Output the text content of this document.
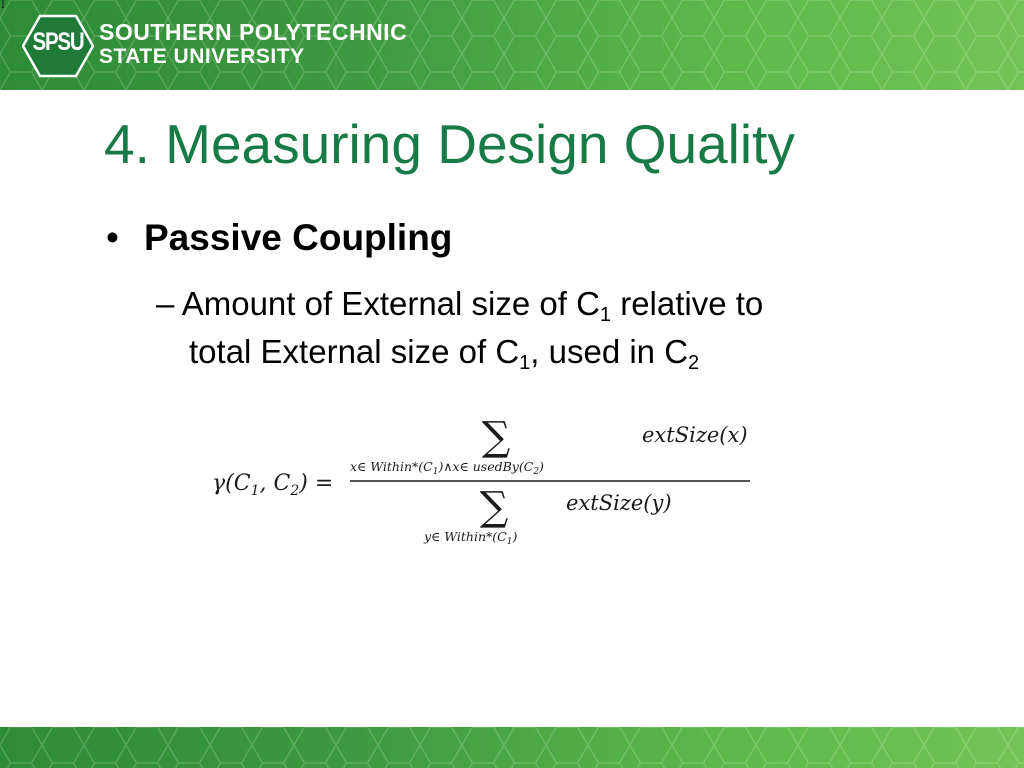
I
SPSU SOUTHERN POLYTECHNIC
STATE UNIVERSITY
4. Measuring Design Quality
• Passive Coupling
– Amount of External size of $C_1$ relative to
total External size of $C_1$, used in $C_2$
$\gamma(C_1$, $C_2$) =
∑	extSize(x)
x∈ $Within*(C_1)\wedge x\in$ $usedBy(C_2)$
∑	extSize(y)
y∈ $Within*(C_1)$
